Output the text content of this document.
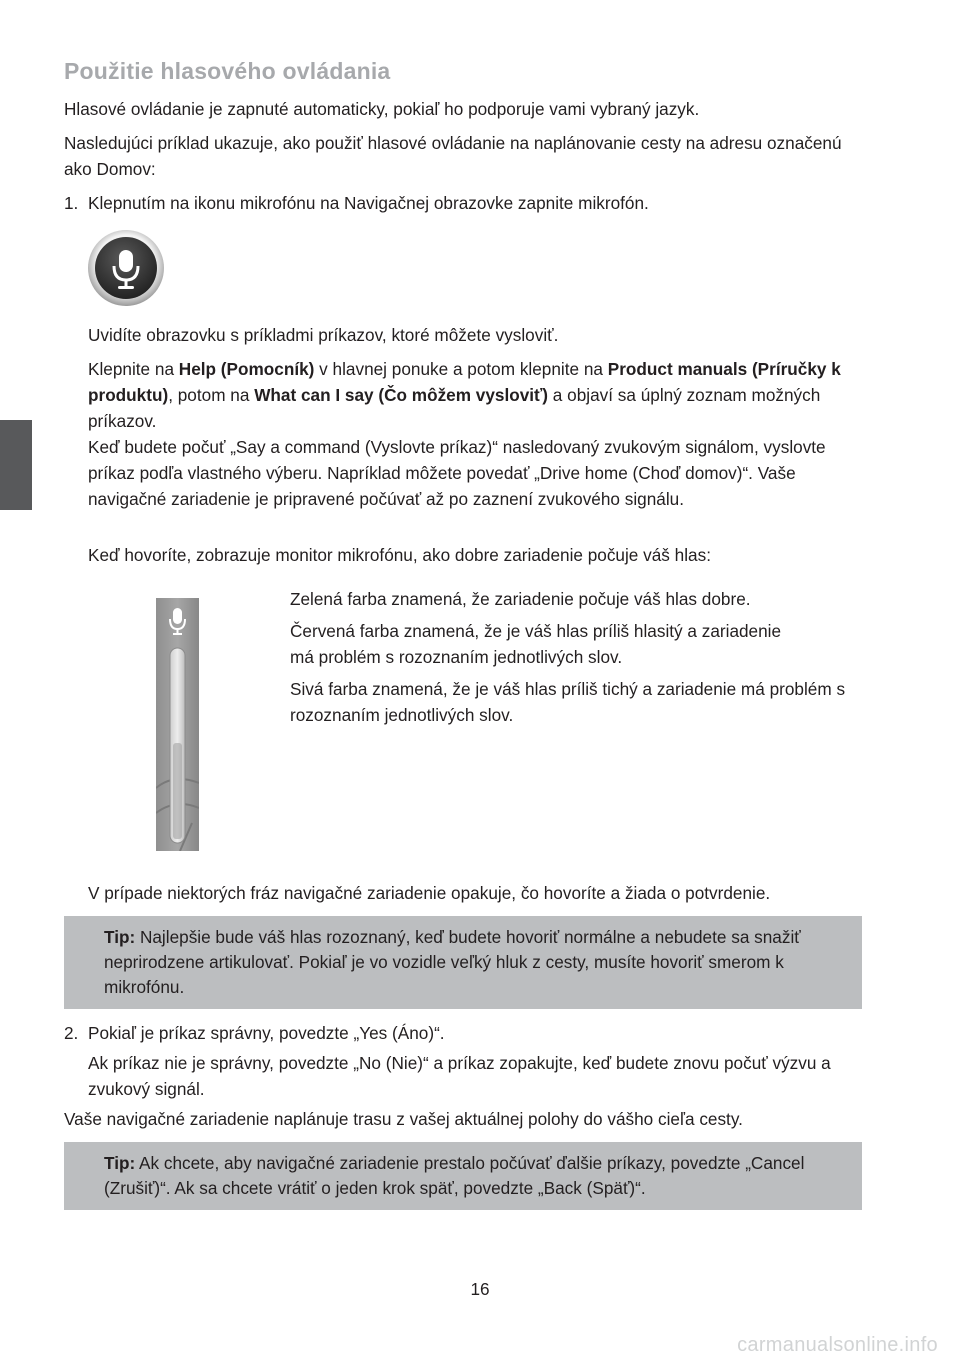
Použitie hlasového ovládania

Hlasové ovládanie je zapnuté automaticky, pokiaľ ho podporuje vami vybraný jazyk.

Nasledujúci príklad ukazuje, ako použiť hlasové ovládanie na naplánovanie cesty na adresu označenú ako Domov:

1. Klepnutím na ikonu mikrofónu na Navigačnej obrazovke zapnite mikrofón.

Uvidíte obrazovku s príkladmi príkazov, ktoré môžete vysloviť.

Klepnite na Help (Pomocník) v hlavnej ponuke a potom klepnite na Product manuals (Príručky k produktu), potom na What can I say (Čo môžem vysloviť) a objaví sa úplný zoznam možných príkazov.

Keď budete počuť „Say a command (Vyslovte príkaz)“ nasledovaný zvukovým signálom, vyslovte príkaz podľa vlastného výberu. Napríklad môžete povedať „Drive home (Choď domov)“. Vaše navigačné zariadenie je pripravené počúvať až po zaznení zvukového signálu.

Keď hovoríte, zobrazuje monitor mikrofónu, ako dobre zariadenie počuje váš hlas:

Zelená farba znamená, že zariadenie počuje váš hlas dobre.

Červená farba znamená, že je váš hlas príliš hlasitý a zariadenie má problém s rozoznaním jednotlivých slov.

Sivá farba znamená, že je váš hlas príliš tichý a zariadenie má problém s rozoznaním jednotlivých slov.

V prípade niektorých fráz navigačné zariadenie opakuje, čo hovoríte a žiada o potvrdenie.

Tip: Najlepšie bude váš hlas rozoznaný, keď budete hovoriť normálne a nebudete sa snažiť neprirodzene artikulovať. Pokiaľ je vo vozidle veľký hluk z cesty, musíte hovoriť smerom k mikrofónu.
2. Pokiaľ je príkaz správny, povedzte „Yes (Áno)“.

Ak príkaz nie je správny, povedzte „No (Nie)“ a príkaz zopakujte, keď budete znovu počuť výzvu a zvukový signál.

Vaše navigačné zariadenie naplánuje trasu z vašej aktuálnej polohy do vášho cieľa cesty.

Tip: Ak chcete, aby navigačné zariadenie prestalo počúvať ďalšie príkazy, povedzte „Cancel (Zrušiť)“. Ak sa chcete vrátiť o jeden krok späť, povedzte „Back (Späť)“.
16
carmanualsonline.info
